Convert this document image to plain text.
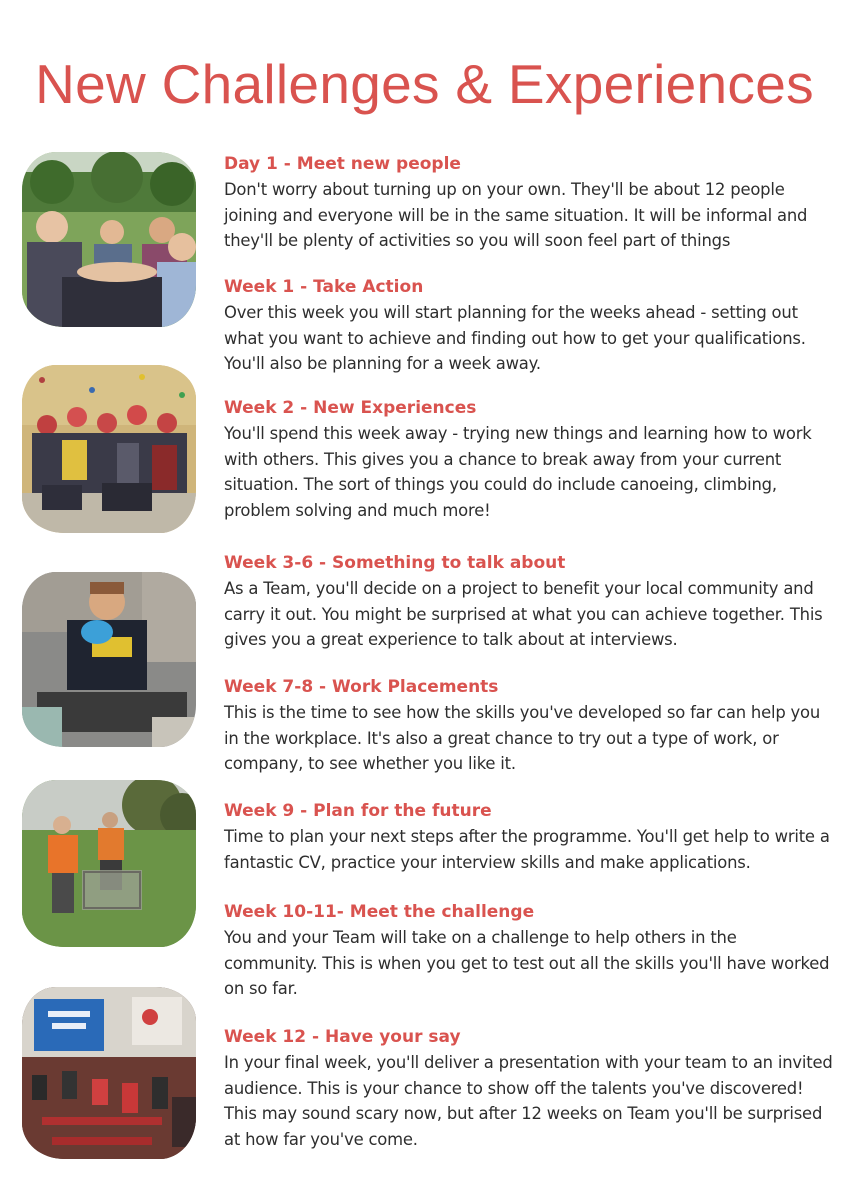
New Challenges & Experiences
Day 1 - Meet new people

Don't worry about turning up on your own. They'll be about 12 people joining and everyone will be in the same situation. It will be informal and they'll be plenty of activities so you will soon feel part of things

Week 1 - Take Action

Over this week you will start planning for the weeks ahead - setting out what you want to achieve and finding out how to get your qualifications. You'll also be planning for a week away.

Week 2 - New Experiences

You'll spend this week away - trying new things and learning how to work with others. This gives you a chance to break away from your current situation. The sort of things you could do include canoeing, climbing, problem solving and much more!

Week 3-6 - Something to talk about

As a Team, you'll decide on a project to benefit your local community and carry it out. You might be surprised at what you can achieve together. This gives you a great experience to talk about at interviews.

Week 7-8 - Work Placements

This is the time to see how the skills you've developed so far can help you in the workplace. It's also a great chance to try out a type of work, or company, to see whether you like it.

Week 9 - Plan for the future

Time to plan your next steps after the programme. You'll get help to write a fantastic CV, practice your interview skills and make applications.

Week 10-11- Meet the challenge

You and your Team will take on a challenge to help others in the community. This is when you get to test out all the skills you'll have worked on so far.

Week 12 - Have your say

In your final week, you'll deliver a presentation with your team to an invited audience. This is your chance to show off the talents you've discovered! This may sound scary now, but after 12 weeks on Team you'll be surprised at how far you've come.
